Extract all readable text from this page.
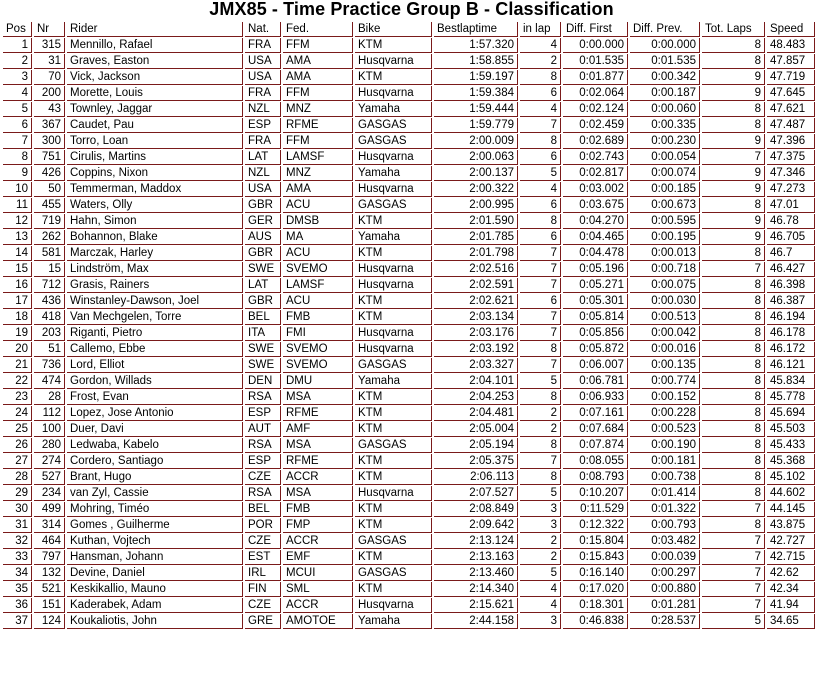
JMX85 - Time Practice Group B - Classification
Pos	Nr	Rider	Nat.	Fed.	Bike	Bestlaptime	in lap	Diff. First	Diff. Prev.	Tot. Laps	Speed
1	315	Mennillo, Rafael	FRA	FFM	KTM	1:57.320	4	0:00.000	0:00.000	8	48.483
2	31	Graves, Easton	USA	AMA	Husqvarna	1:58.855	2	0:01.535	0:01.535	8	47.857
3	70	Vick, Jackson	USA	AMA	KTM	1:59.197	8	0:01.877	0:00.342	9	47.719
4	200	Morette, Louis	FRA	FFM	Husqvarna	1:59.384	6	0:02.064	0:00.187	9	47.645
5	43	Townley, Jaggar	NZL	MNZ	Yamaha	1:59.444	4	0:02.124	0:00.060	8	47.621
6	367	Caudet, Pau	ESP	RFME	GASGAS	1:59.779	7	0:02.459	0:00.335	8	47.487
7	300	Torro, Loan	FRA	FFM	GASGAS	2:00.009	8	0:02.689	0:00.230	9	47.396
8	751	Cirulis, Martins	LAT	LAMSF	Husqvarna	2:00.063	6	0:02.743	0:00.054	7	47.375
9	426	Coppins, Nixon	NZL	MNZ	Yamaha	2:00.137	5	0:02.817	0:00.074	9	47.346
10	50	Temmerman, Maddox	USA	AMA	Husqvarna	2:00.322	4	0:03.002	0:00.185	9	47.273
11	455	Waters, Olly	GBR	ACU	GASGAS	2:00.995	6	0:03.675	0:00.673	8	47.01
12	719	Hahn, Simon	GER	DMSB	KTM	2:01.590	8	0:04.270	0:00.595	9	46.78
13	262	Bohannon, Blake	AUS	MA	Yamaha	2:01.785	6	0:04.465	0:00.195	9	46.705
14	581	Marczak, Harley	GBR	ACU	KTM	2:01.798	7	0:04.478	0:00.013	8	46.7
15	15	Lindström, Max	SWE	SVEMO	Husqvarna	2:02.516	7	0:05.196	0:00.718	7	46.427
16	712	Grasis, Rainers	LAT	LAMSF	Husqvarna	2:02.591	7	0:05.271	0:00.075	8	46.398
17	436	Winstanley-Dawson, Joel	GBR	ACU	KTM	2:02.621	6	0:05.301	0:00.030	8	46.387
18	418	Van Mechgelen, Torre	BEL	FMB	KTM	2:03.134	7	0:05.814	0:00.513	8	46.194
19	203	Riganti, Pietro	ITA	FMI	Husqvarna	2:03.176	7	0:05.856	0:00.042	8	46.178
20	51	Callemo, Ebbe	SWE	SVEMO	Husqvarna	2:03.192	8	0:05.872	0:00.016	8	46.172
21	736	Lord, Elliot	SWE	SVEMO	GASGAS	2:03.327	7	0:06.007	0:00.135	8	46.121
22	474	Gordon, Willads	DEN	DMU	Yamaha	2:04.101	5	0:06.781	0:00.774	8	45.834
23	28	Frost, Evan	RSA	MSA	KTM	2:04.253	8	0:06.933	0:00.152	8	45.778
24	112	Lopez, Jose Antonio	ESP	RFME	KTM	2:04.481	2	0:07.161	0:00.228	8	45.694
25	100	Duer, Davi	AUT	AMF	KTM	2:05.004	2	0:07.684	0:00.523	8	45.503
26	280	Ledwaba, Kabelo	RSA	MSA	GASGAS	2:05.194	8	0:07.874	0:00.190	8	45.433
27	274	Cordero, Santiago	ESP	RFME	KTM	2:05.375	7	0:08.055	0:00.181	8	45.368
28	527	Brant, Hugo	CZE	ACCR	KTM	2:06.113	8	0:08.793	0:00.738	8	45.102
29	234	van Zyl, Cassie	RSA	MSA	Husqvarna	2:07.527	5	0:10.207	0:01.414	8	44.602
30	499	Mohring, Timéo	BEL	FMB	KTM	2:08.849	3	0:11.529	0:01.322	7	44.145
31	314	Gomes , Guilherme	POR	FMP	KTM	2:09.642	3	0:12.322	0:00.793	8	43.875
32	464	Kuthan, Vojtech	CZE	ACCR	GASGAS	2:13.124	2	0:15.804	0:03.482	7	42.727
33	797	Hansman, Johann	EST	EMF	KTM	2:13.163	2	0:15.843	0:00.039	7	42.715
34	132	Devine, Daniel	IRL	MCUI	GASGAS	2:13.460	5	0:16.140	0:00.297	7	42.62
35	521	Keskikallio, Mauno	FIN	SML	KTM	2:14.340	4	0:17.020	0:00.880	7	42.34
36	151	Kaderabek, Adam	CZE	ACCR	Husqvarna	2:15.621	4	0:18.301	0:01.281	7	41.94
37	124	Koukaliotis, John	GRE	AMOTOE	Yamaha	2:44.158	3	0:46.838	0:28.537	5	34.65
